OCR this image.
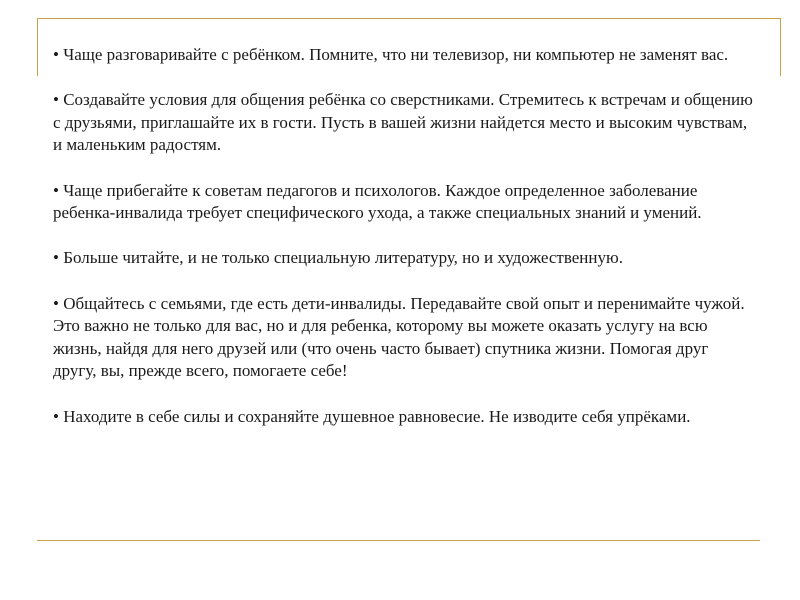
• Чаще разговаривайте с ребёнком. Помните, что ни телевизор, ни компьютер не заменят вас.

• Создавайте условия для общения ребёнка со сверстниками. Стремитесь к встречам и общению с друзьями, приглашайте их в гости. Пусть в вашей жизни найдется место и высоким чувствам, и маленьким радостям.

• Чаще прибегайте к советам педагогов и психологов. Каждое определенное заболевание ребенка-инвалида требует специфического ухода, а также специальных знаний и умений.

• Больше читайте, и не только специальную литературу, но и художественную.

• Общайтесь с семьями, где есть дети-инвалиды. Передавайте свой опыт и перенимайте чужой. Это важно не только для вас, но и для ребенка, которому вы можете оказать услугу на всю жизнь, найдя для него друзей или (что очень часто бывает) спутника жизни. Помогая друг другу, вы, прежде всего, помогаете себе!

• Находите в себе силы и сохраняйте душевное равновесие. Не изводите себя упрёками.
